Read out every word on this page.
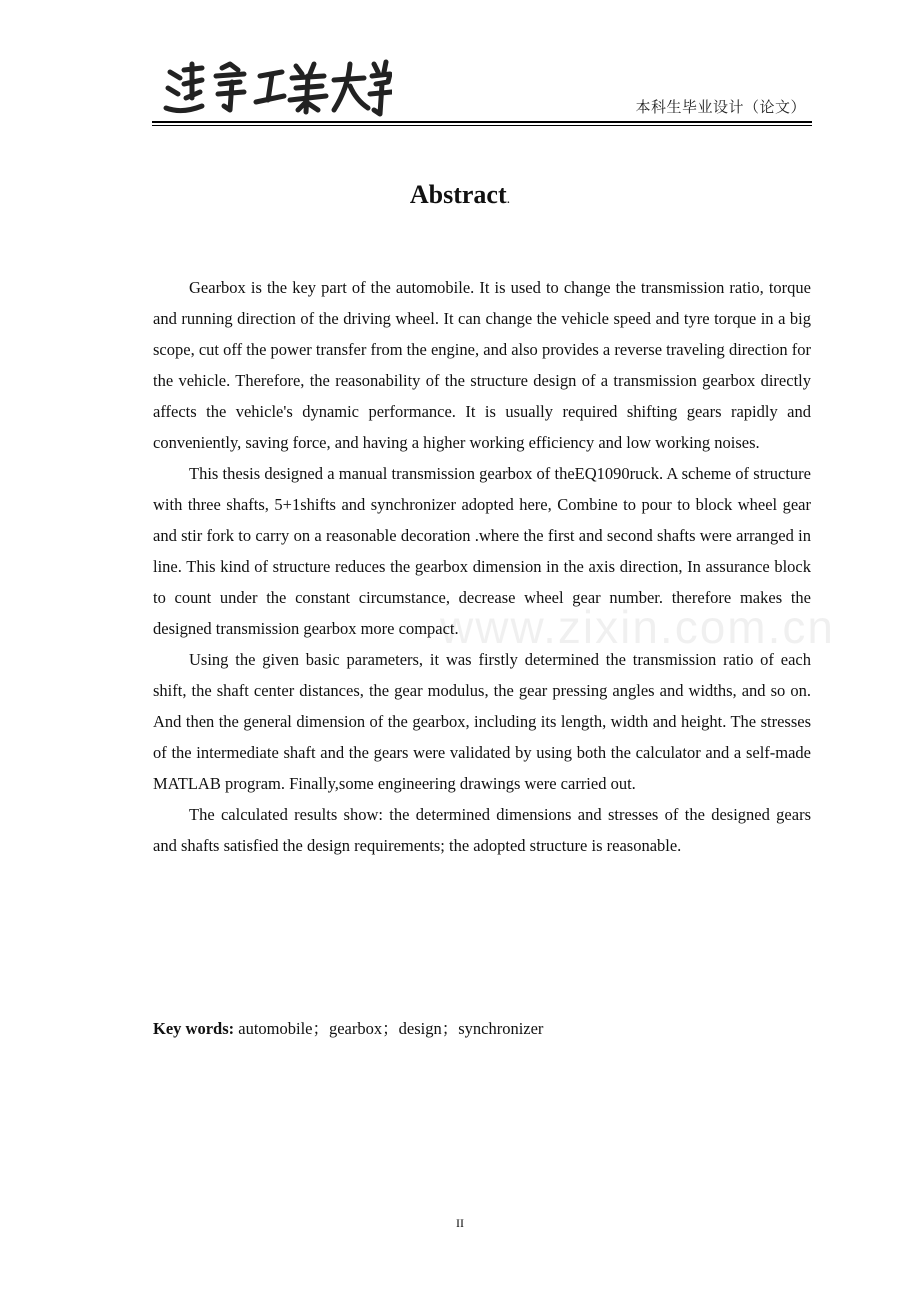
本科生毕业设计（论文）
Abstract.
www.zixin.com.cn

Gearbox is the key part of the automobile. It is used to change the transmission ratio, torque and running direction of the driving wheel. It can change the vehicle speed and tyre torque in a big scope, cut off the power transfer from the engine, and also provides a reverse traveling direction for the vehicle. Therefore, the reasonability of the structure design of a transmission gearbox directly affects the vehicle's dynamic performance. It is usually required shifting gears rapidly and conveniently, saving force, and having a higher working efficiency and low working noises.

This thesis designed a manual transmission gearbox of theEQ1090ruck. A scheme of structure with three shafts, 5+1shifts and synchronizer adopted here, Combine to pour to block wheel gear and stir fork to carry on a reasonable decoration .where the first and second shafts were arranged in line. This kind of structure reduces the gearbox dimension in the axis direction, In assurance block to count under the constant circumstance, decrease wheel gear number. therefore makes the designed transmission gearbox more compact.

Using the given basic parameters, it was firstly determined the transmission ratio of each shift, the shaft center distances, the gear modulus, the gear pressing angles and widths, and so on. And then the general dimension of the gearbox, including its length, width and height. The stresses of the intermediate shaft and the gears were validated by using both the calculator and a self-made MATLAB program. Finally,some engineering drawings were carried out.

The calculated results show: the determined dimensions and stresses of the designed gears and shafts satisfied the design requirements; the adopted structure is reasonable.

Key words: automobile；gearbox；design；synchronizer
II
